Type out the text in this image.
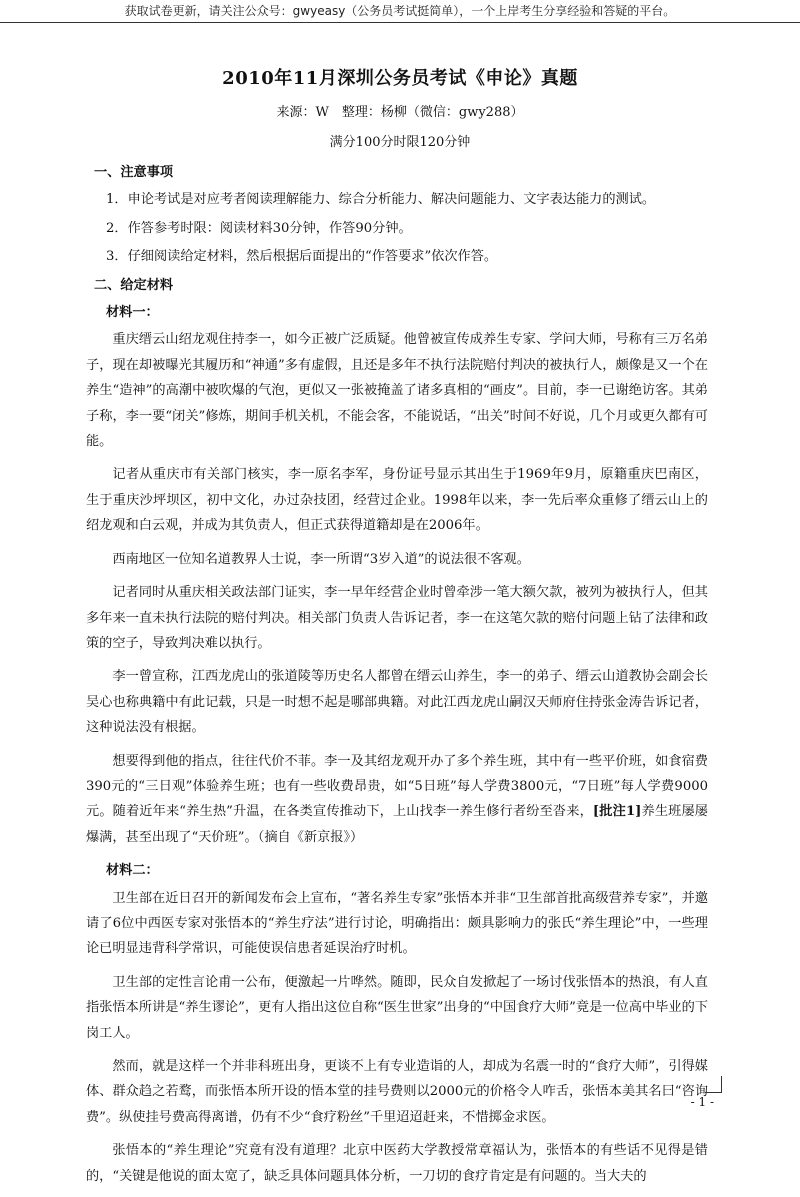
获取试卷更新，请关注公众号：gwyeasy（公务员考试挺简单），一个上岸考生分享经验和答疑的平台。
2010年11月深圳公务员考试《申论》真题
来源：W　整理：杨柳（微信：gwy288）
满分100分时限120分钟
一、注意事项
1．申论考试是对应考者阅读理解能力、综合分析能力、解决问题能力、文字表达能力的测试。
2．作答参考时限：阅读材料30分钟，作答90分钟。
3．仔细阅读给定材料，然后根据后面提出的“作答要求”依次作答。
二、给定材料
材料一：

重庆缙云山绍龙观住持李一，如今正被广泛质疑。他曾被宣传成养生专家、学问大师，号称有三万名弟子，现在却被曝光其履历和“神通”多有虚假，且还是多年不执行法院赔付判决的被执行人，颇像是又一个在养生“造神”的高潮中被吹爆的气泡，更似又一张被掩盖了诸多真相的“画皮”。目前，李一已谢绝访客。其弟子称，李一要“闭关”修炼，期间手机关机，不能会客，不能说话，“出关”时间不好说，几个月或更久都有可能。

记者从重庆市有关部门核实，李一原名李军，身份证号显示其出生于1969年9月，原籍重庆巴南区，生于重庆沙坪坝区，初中文化，办过杂技团，经营过企业。1998年以来，李一先后率众重修了缙云山上的绍龙观和白云观，并成为其负责人，但正式获得道籍却是在2006年。

西南地区一位知名道教界人士说，李一所谓“3岁入道”的说法很不客观。

记者同时从重庆相关政法部门证实，李一早年经营企业时曾牵涉一笔大额欠款，被列为被执行人，但其多年来一直未执行法院的赔付判决。相关部门负责人告诉记者，李一在这笔欠款的赔付问题上钻了法律和政策的空子，导致判决难以执行。

李一曾宣称，江西龙虎山的张道陵等历史名人都曾在缙云山养生，李一的弟子、缙云山道教协会副会长吴心也称典籍中有此记载，只是一时想不起是哪部典籍。对此江西龙虎山嗣汉天师府住持张金涛告诉记者，这种说法没有根据。

想要得到他的指点，往往代价不菲。李一及其绍龙观开办了多个养生班，其中有一些平价班，如食宿费390元的“三日观”体验养生班；也有一些收费昂贵，如“5日班”每人学费3800元，“7日班”每人学费9000元。随着近年来“养生热”升温，在各类宣传推动下，上山找李一养生修行者纷至沓来，[批注1]养生班屡屡爆满，甚至出现了“天价班”。（摘自《新京报》）

材料二：

卫生部在近日召开的新闻发布会上宣布，“著名养生专家”张悟本并非“卫生部首批高级营养专家”，并邀请了6位中西医专家对张悟本的“养生疗法”进行讨论，明确指出：颇具影响力的张氏“养生理论”中，一些理论已明显违背科学常识，可能使误信患者延误治疗时机。

卫生部的定性言论甫一公布，便激起一片哗然。随即，民众自发掀起了一场讨伐张悟本的热浪，有人直指张悟本所讲是“养生谬论”，更有人指出这位自称“医生世家”出身的“中国食疗大师”竟是一位高中毕业的下岗工人。

然而，就是这样一个并非科班出身，更谈不上有专业造诣的人，却成为名震一时的“食疗大师”，引得媒体、群众趋之若鹜，而张悟本所开设的悟本堂的挂号费则以2000元的价格令人咋舌，张悟本美其名曰“咨询费”。纵使挂号费高得离谱，仍有不少“食疗粉丝”千里迢迢赶来，不惜掷金求医。

张悟本的“养生理论”究竟有没有道理？北京中医药大学教授常章福认为，张悟本的有些话不见得是错的，“关键是他说的面太宽了，缺乏具体问题具体分析，一刀切的食疗肯定是有问题的。当大夫的

- 1 -
